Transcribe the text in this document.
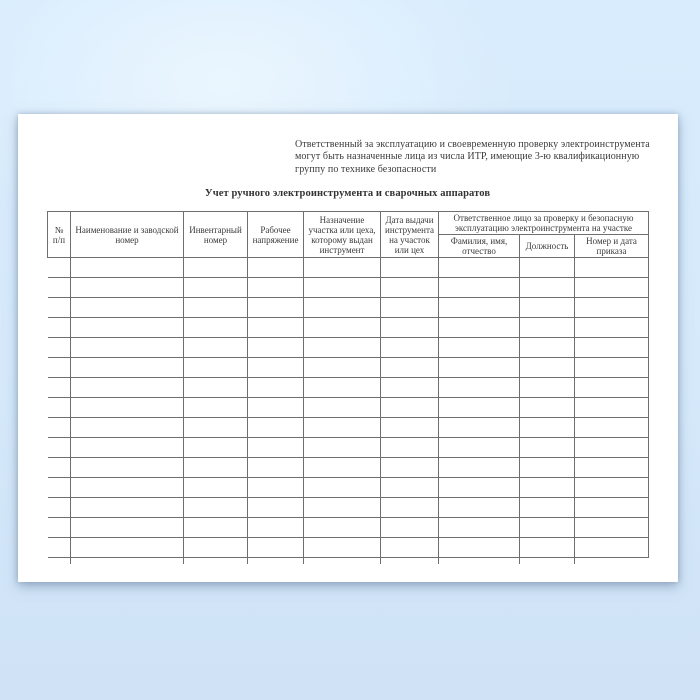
Ответственный за эксплуатацию и своевременную проверку электроинструмента
могут быть назначенные лица из числа ИТР, имеющие 3-ю квалификационную
группу по технике безопасности
Учет ручного электроинструмента и сварочных аппаратов
№ п/п	Наименование и заводской номер	Инвентарный номер	Рабочее напряжение	Назначение участка или цеха, которому выдан инструмент	Дата выдачи инструмента на участок или цех	Ответственное лицо за проверку и безопасную эксплуатацию электроинструмента на участке		
						Фамилия, имя, отчество	Должность	Номер и дата приказа
